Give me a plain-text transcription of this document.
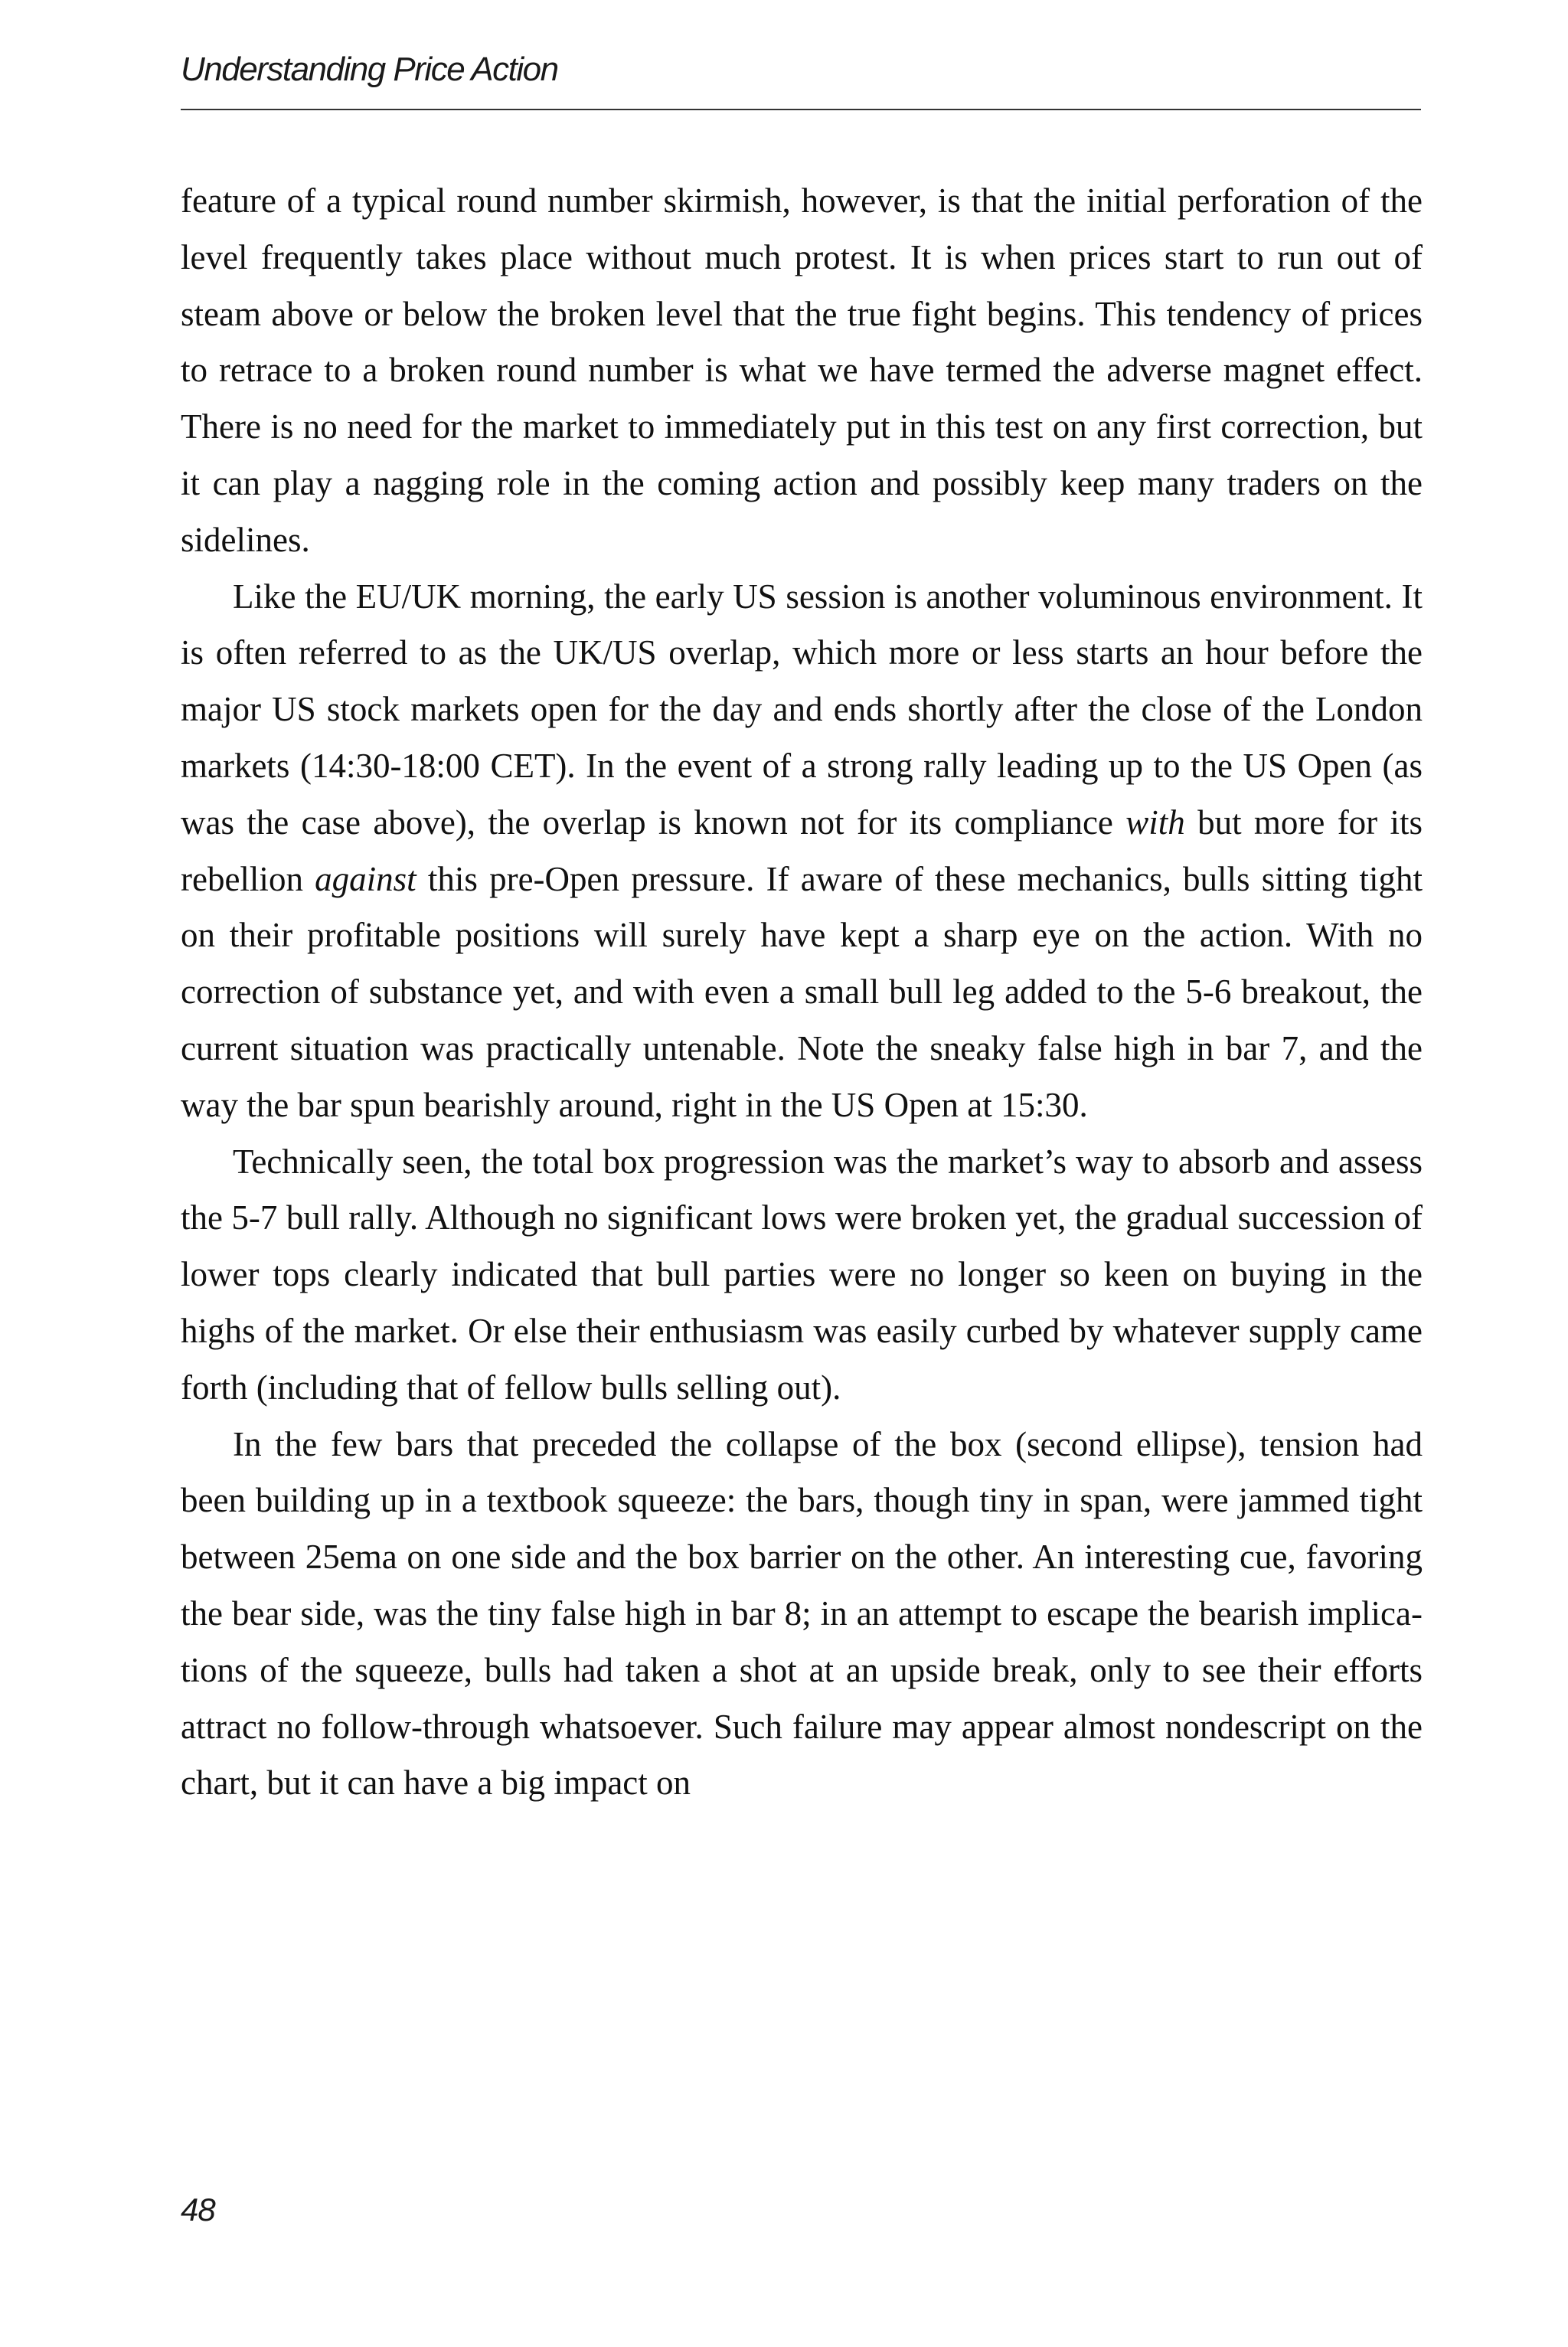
Understanding Price Action

feature of a typical round number skirmish, however, is that the initial perforation of the level frequently takes place without much protest. It is when prices start to run out of steam above or below the broken level that the true fight begins. This tendency of prices to retrace to a broken round number is what we have termed the adverse magnet effect. There is no need for the market to immediately put in this test on any first correction, but it can play a nagging role in the coming action and possibly keep many traders on the sidelines.

Like the EU/UK morning, the early US session is another voluminous environment. It is often referred to as the UK/US overlap, which more or less starts an hour before the major US stock markets open for the day and ends shortly after the close of the London markets (14:30-​18:00 CET). In the event of a strong rally leading up to the US Open (as was the case above), the overlap is known not for its compliance with but more for its rebellion against this pre-Open pressure. If aware of these mechanics, bulls sitting tight on their profitable positions will surely have kept a sharp eye on the action. With no correction of substance yet, and with even a small bull leg added to the 5-6 breakout, the current situation was practically untenable. Note the sneaky false high in bar 7, and the way the bar spun bearishly around, right in the US Open at 15:30.

Technically seen, the total box progression was the market’s way to absorb and assess the 5-7 bull rally. Although no significant lows were broken yet, the gradual succession of lower tops clearly indicated that bull parties were no longer so keen on buying in the highs of the market. Or else their enthusiasm was easily curbed by whatever supply came forth (including that of fellow bulls selling out).

In the few bars that preceded the collapse of the box (second ellipse), tension had been building up in a textbook squeeze: the bars, though tiny in span, were jammed tight between 25ema on one side and the box barrier on the other. An interesting cue, favoring the bear side, was the tiny false high in bar 8; in an attempt to escape the bearish implications of the squeeze, bulls had taken a shot at an upside break, only to see their efforts attract no follow-through whatsoever. Such failure may appear almost nondescript on the chart, but it can have a big impact on

48
